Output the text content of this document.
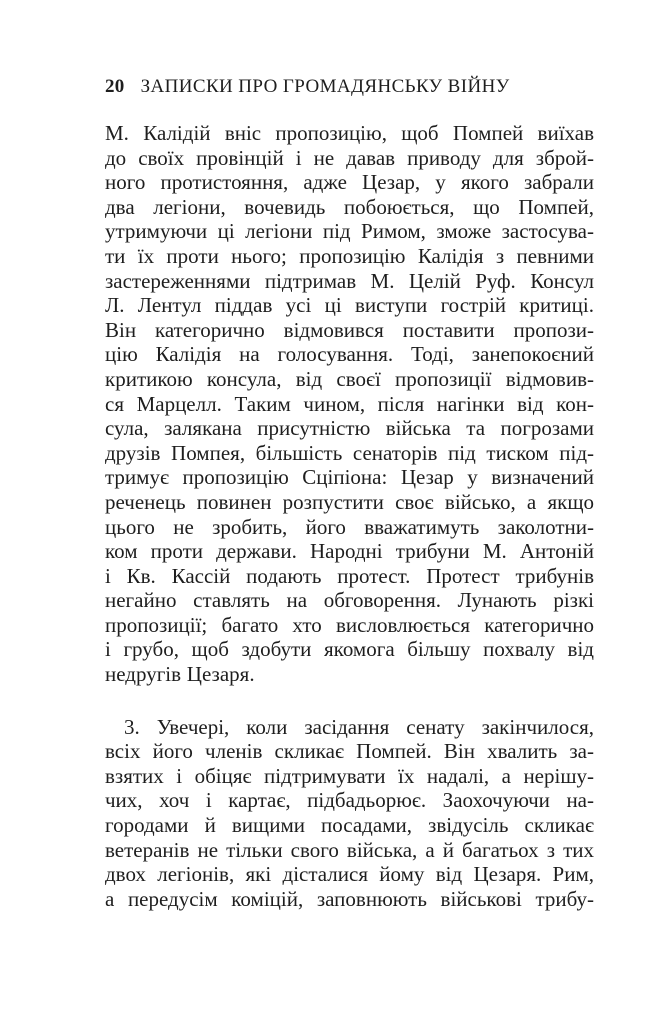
20 ЗАПИСКИ ПРО ГРОМАДЯНСЬКУ ВІЙНУ
М. Калідій вніс пропозицію, щоб Помпей виїхав
до своїх провінцій і не давав приводу для зброй-
ного протистояння, адже Цезар, у якого забрали
два легіони, вочевидь побоюється, що Помпей,
утримуючи ці легіони під Римом, зможе застосува-
ти їх проти нього; пропозицію Калідія з певними
застереженнями підтримав М. Целій Руф. Консул
Л. Лентул піддав усі ці виступи гострій критиці.
Він категорично відмовився поставити пропози-
цію Калідія на голосування. Тоді, занепокоєний
критикою консула, від своєї пропозиції відмовив-
ся Марцелл. Таким чином, після нагінки від кон-
сула, залякана присутністю війська та погрозами
друзів Помпея, більшість сенаторів під тиском під-
тримує пропозицію Сціпіона: Цезар у визначений
реченець повинен розпустити своє військо, а якщо
цього не зробить, його вважатимуть заколотни-
ком проти держави. Народні трибуни М. Антоній
і Кв. Кассій подають протест. Протест трибунів
негайно ставлять на обговорення. Лунають різкі
пропозиції; багато хто висловлюється категорично
і грубо, щоб здобути якомога більшу похвалу від
недругів Цезаря.
3. Увечері, коли засідання сенату закінчилося,
всіх його членів скликає Помпей. Він хвалить за-
взятих і обіцяє підтримувати їх надалі, а нерішу-
чих, хоч і картає, підбадьорює. Заохочуючи на-
городами й вищими посадами, звідусіль скликає
ветеранів не тільки свого війська, а й багатьох з тих
двох легіонів, які дісталися йому від Цезаря. Рим,
а передусім коміцій, заповнюють військові трибу-
